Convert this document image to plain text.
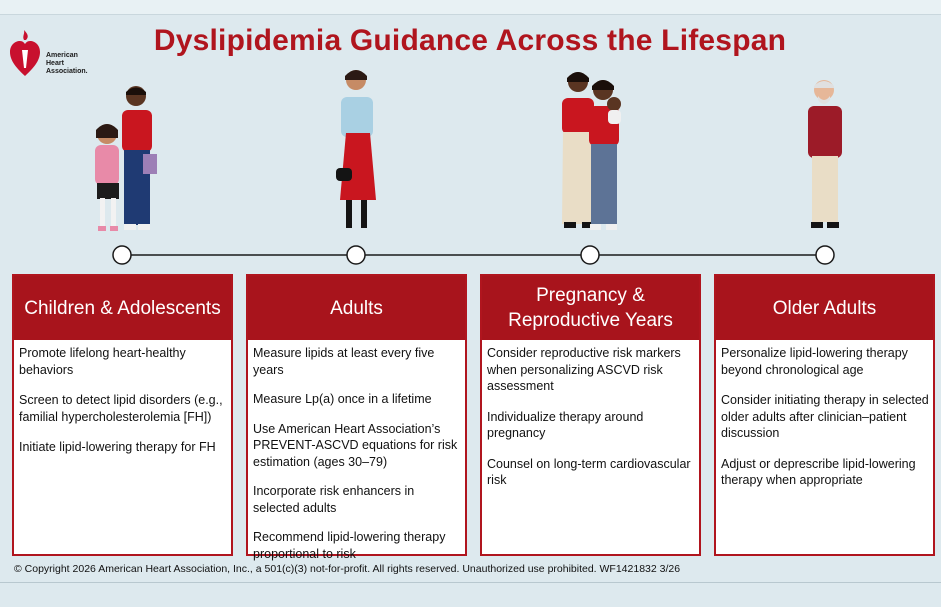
American
Heart
Association.
Dyslipidemia Guidance Across the Lifespan
Children & Adolescents
Promote lifelong heart-healthy behaviors
Screen to detect lipid disorders (e.g., familial hypercholesterolemia [FH])
Initiate lipid-lowering therapy for FH
Adults
Measure lipids at least every five years
Measure Lp(a) once in a lifetime
Use American Heart Association’s PREVENT-ASCVD equations for risk estimation (ages 30–79)
Incorporate risk enhancers in selected adults
Recommend lipid-lowering therapy proportional to risk
Pregnancy & Reproductive Years
Consider reproductive risk markers when personalizing ASCVD risk assessment
Individualize therapy around pregnancy
Counsel on long-term cardiovascular risk
Older Adults
Personalize lipid-lowering therapy beyond chronological age
Consider initiating therapy in selected older adults after clinician–patient discussion
Adjust or deprescribe lipid-lowering therapy when appropriate
© Copyright 2026 American Heart Association, Inc., a 501(c)(3) not-for-profit. All rights reserved. Unauthorized use prohibited. WF1421832 3/26
